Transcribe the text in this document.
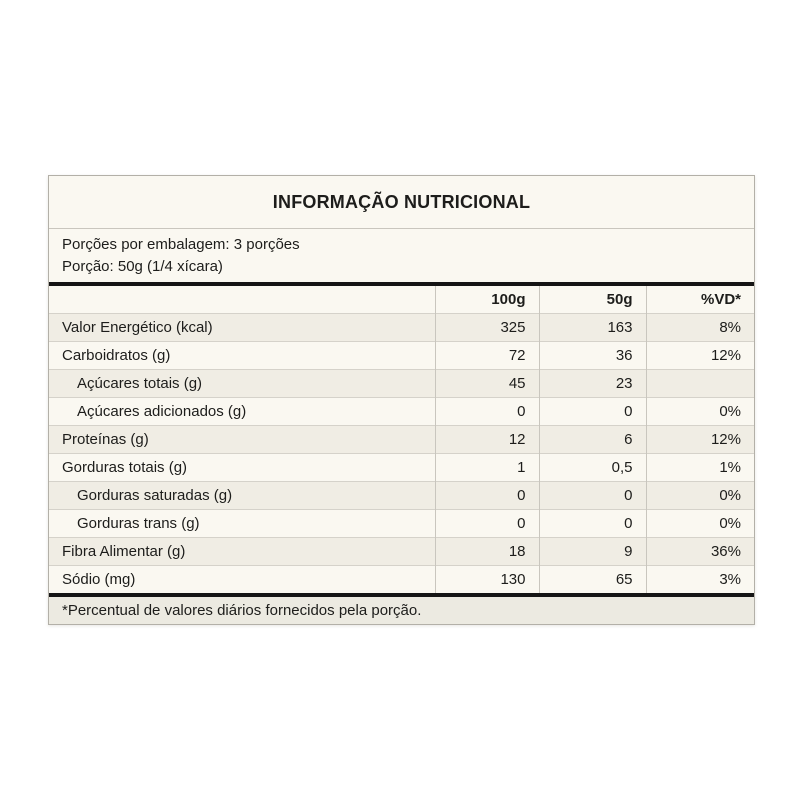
INFORMAÇÃO NUTRICIONAL
Porções por embalagem: 3 porções
Porção: 50g (1/4 xícara)
	100g	50g	%VD*
Valor Energético (kcal)	325	163	8%
Carboidratos (g)	72	36	12%
Açúcares totais (g)	45	23	
Açúcares adicionados (g)	0	0	0%
Proteínas (g)	12	6	12%
Gorduras totais (g)	1	0,5	1%
Gorduras saturadas (g)	0	0	0%
Gorduras trans (g)	0	0	0%
Fibra Alimentar (g)	18	9	36%
Sódio (mg)	130	65	3%
*Percentual de valores diários fornecidos pela porção.
